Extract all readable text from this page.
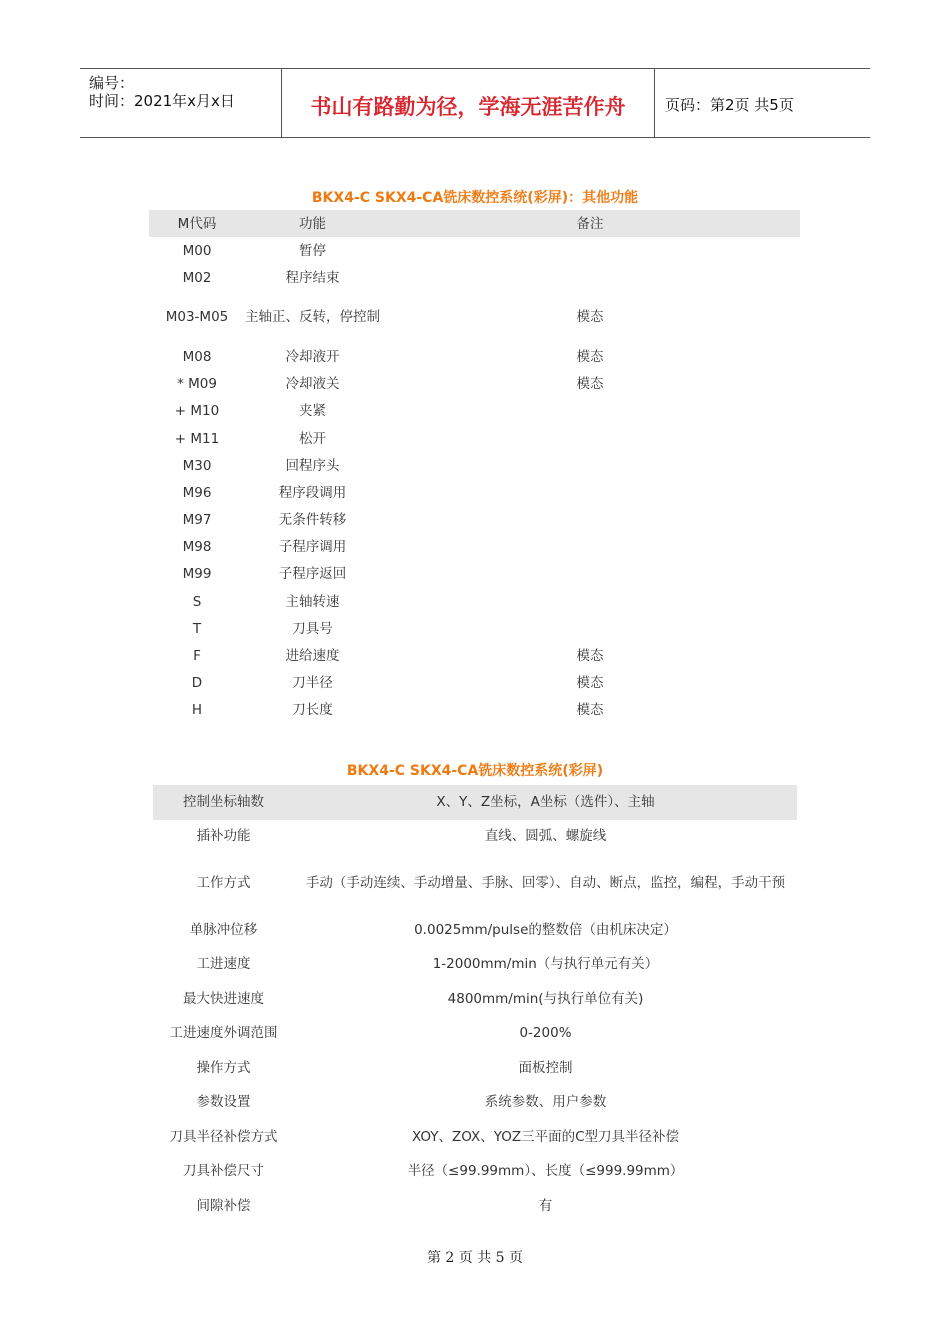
编号：
时间：2021年x月x日	书山有路勤为径，学海无涯苦作舟	页码：第2页 共5页
BKX4-C SKX4-CA铣床数控系统(彩屏)：其他功能
M代码	功能	备注
M00	暂停
M02	程序结束
M03-M05	主轴正、反转，停控制	模态
M08	冷却液开	模态
* M09	冷却液关	模态
+ M10	夹紧
+ M11	松开
M30	回程序头
M96	程序段调用
M97	无条件转移
M98	子程序调用
M99	子程序返回
S	主轴转速
T	刀具号
F	进给速度	模态
D	刀半径	模态
H	刀长度	模态
BKX4-C SKX4-CA铣床数控系统(彩屏)
控制坐标轴数	X、Y、Z坐标，A坐标（选件）、主轴
插补功能	直线、圆弧、螺旋线
工作方式	手动（手动连续、手动增量、手脉、回零）、自动、断点，监控，编程，手动干预
单脉冲位移	0.0025mm/pulse的整数倍（由机床决定）
工进速度	1-2000mm/min（与执行单元有关）
最大快进速度	4800mm/min(与执行单位有关)
工进速度外调范围	0-200%
操作方式	面板控制
参数设置	系统参数、用户参数
刀具半径补偿方式	XOY、ZOX、YOZ三平面的C型刀具半径补偿
刀具补偿尺寸	半径（≤99.99mm）、长度（≤999.99mm）
间隙补偿	有
第 2 页 共 5 页
